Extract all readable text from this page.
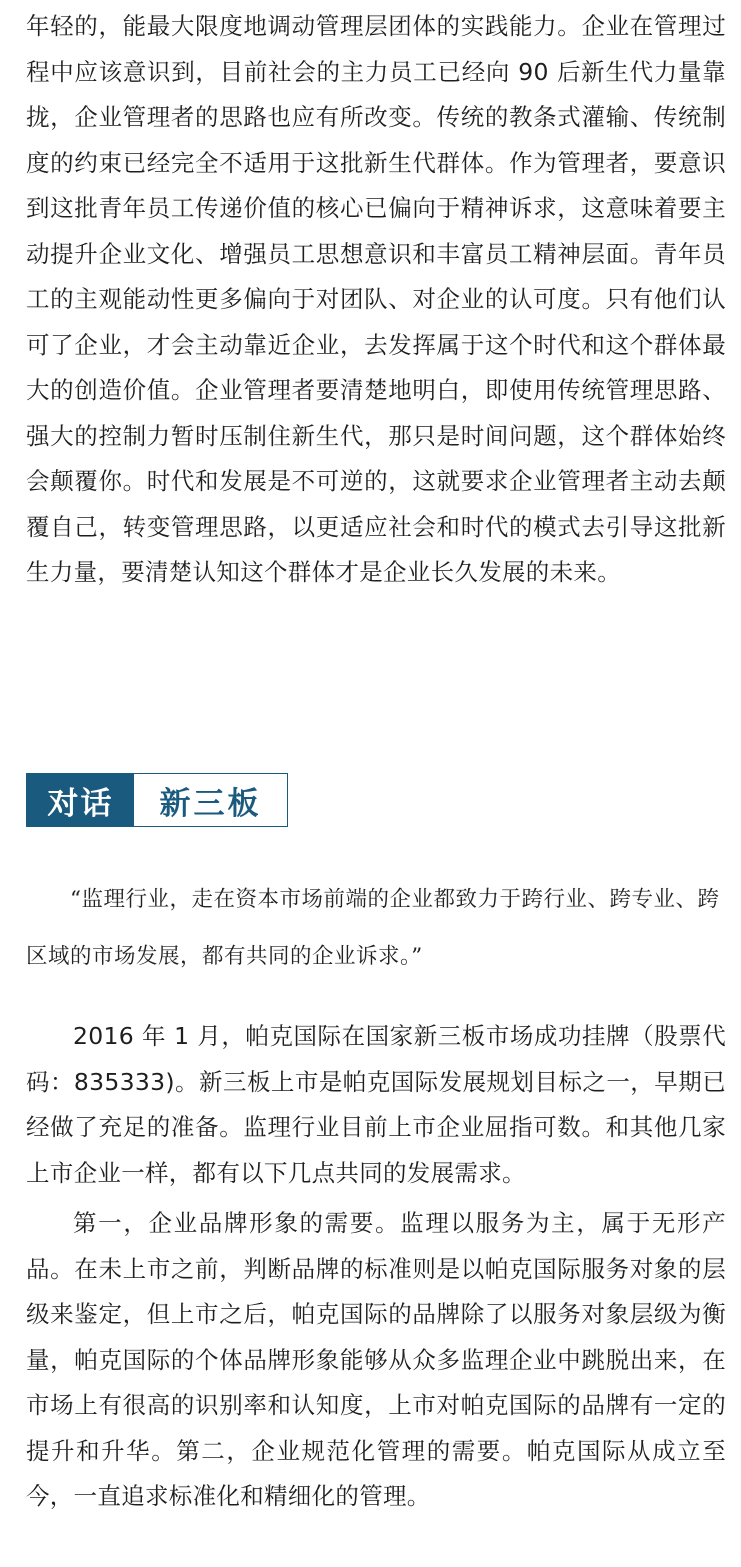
年轻的，能最大限度地调动管理层团体的实践能力。企业在管理过程中应该意识到，目前社会的主力员工已经向 90 后新生代力量靠拢，企业管理者的思路也应有所改变。传统的教条式灌输、传统制度的约束已经完全不适用于这批新生代群体。作为管理者，要意识到这批青年员工传递价值的核心已偏向于精神诉求，这意味着要主动提升企业文化、增强员工思想意识和丰富员工精神层面。青年员工的主观能动性更多偏向于对团队、对企业的认可度。只有他们认可了企业，才会主动靠近企业，去发挥属于这个时代和这个群体最大的创造价值。企业管理者要清楚地明白，即使用传统管理思路、强大的控制力暂时压制住新生代，那只是时间问题，这个群体始终会颠覆你。时代和发展是不可逆的，这就要求企业管理者主动去颠覆自己，转变管理思路，以更适应社会和时代的模式去引导这批新生力量，要清楚认知这个群体才是企业长久发展的未来。

对话	新三板

“监理行业，走在资本市场前端的企业都致力于跨行业、跨专业、跨区域的市场发展，都有共同的企业诉求。”

2016 年 1 月，帕克国际在国家新三板市场成功挂牌（股票代码：835333)。新三板上市是帕克国际发展规划目标之一，早期已经做了充足的准备。监理行业目前上市企业屈指可数。和其他几家上市企业一样，都有以下几点共同的发展需求。

第一，企业品牌形象的需要。监理以服务为主，属于无形产品。在未上市之前，判断品牌的标准则是以帕克国际服务对象的层级来鉴定，但上市之后，帕克国际的品牌除了以服务对象层级为衡量，帕克国际的个体品牌形象能够从众多监理企业中跳脱出来，在市场上有很高的识别率和认知度，上市对帕克国际的品牌有一定的提升和升华。第二，企业规范化管理的需要。帕克国际从成立至今，一直追求标准化和精细化的管理。
